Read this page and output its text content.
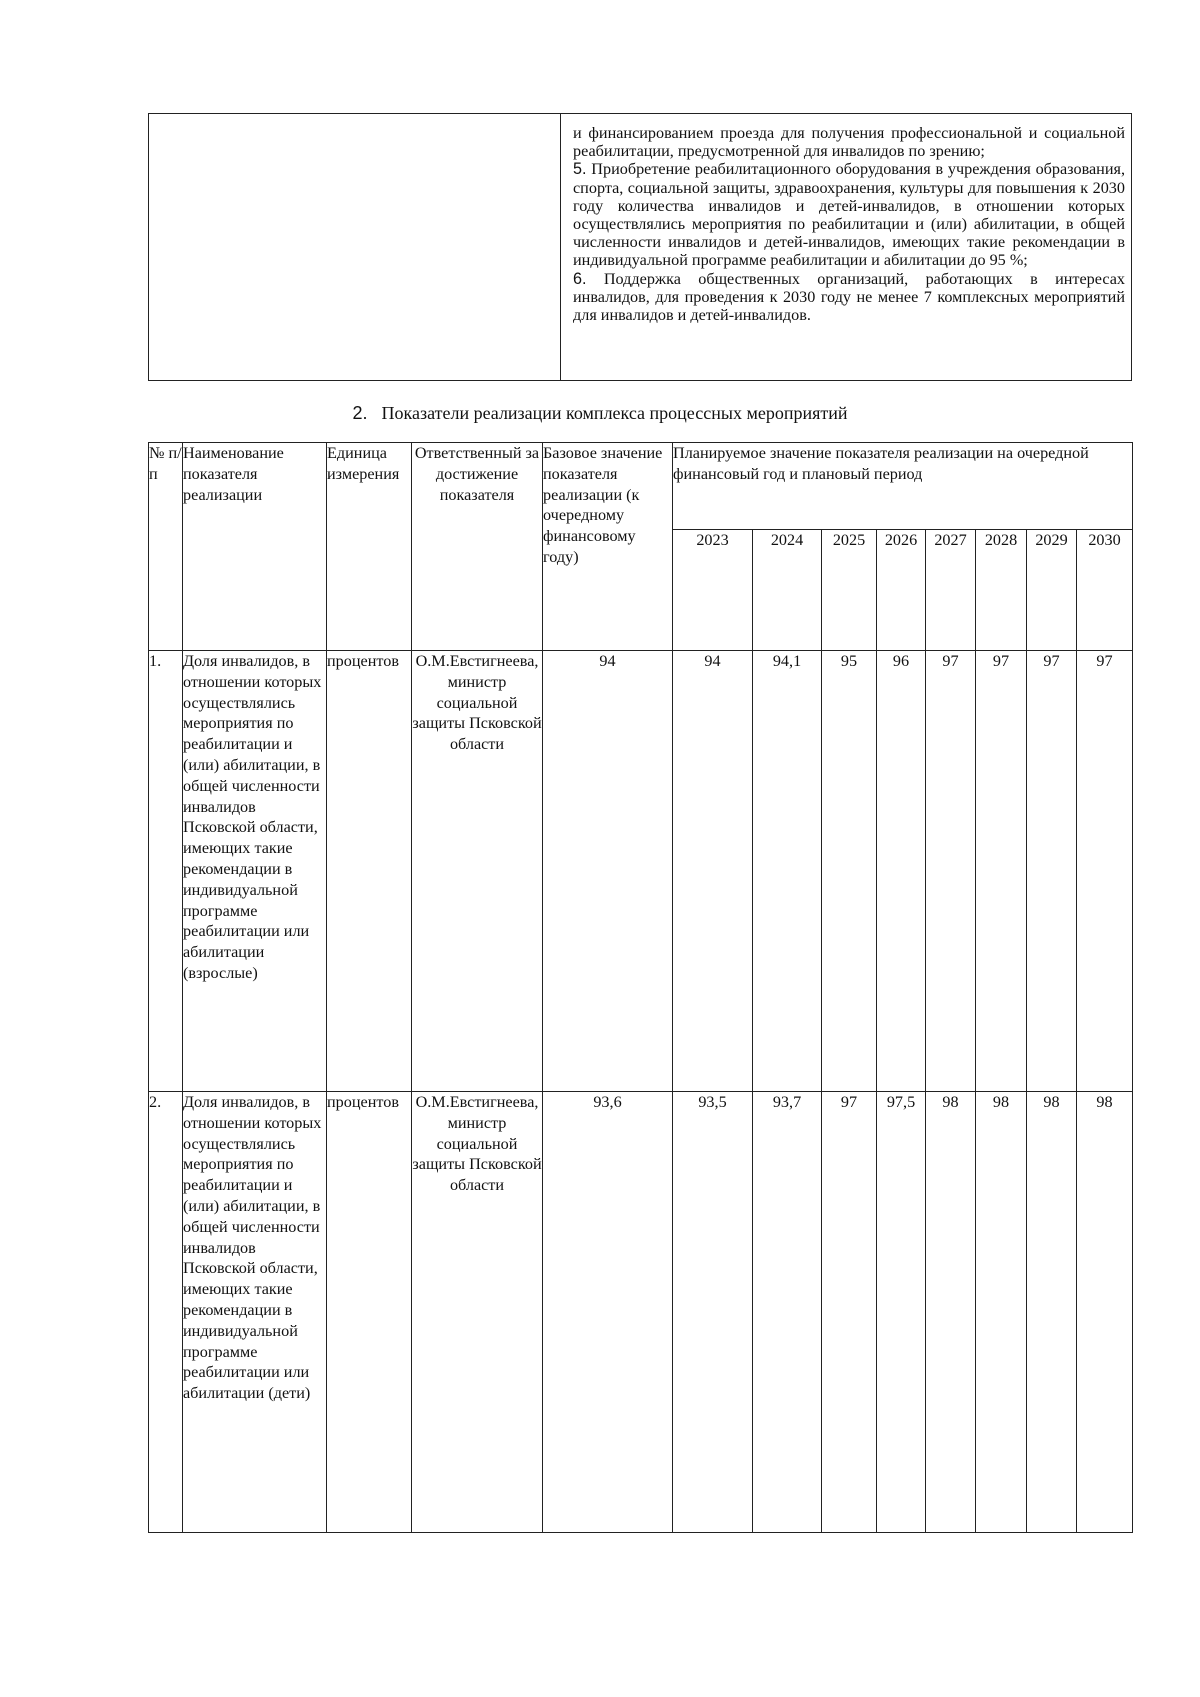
и финансированием проезда для получения профессиональной и социальной реабилитации, предусмотренной для инвалидов по зрению;

5. Приобретение реабилитационного оборудования в учреждения образования, спорта, социальной защиты, здравоохранения, культуры для повышения к 2030 году количества инвалидов и детей-инвалидов, в отношении которых осуществлялись мероприятия по реабилитации и (или) абилитации, в общей численности инвалидов и детей-инвалидов, имеющих такие рекомендации в индивидуальной программе реабилитации и абилитации до 95 %;

6. Поддержка общественных организаций, работающих в интересах инвалидов, для проведения к 2030 году не менее 7 комплексных мероприятий для инвалидов и детей-инвалидов.

2. Показатели реализации комплекса процессных мероприятий
№ п/п	Наименование показателя реализации	Единица измерения	Ответственный за достижение показателя	Базовое значение показателя реализации (к очередному финансовому году)	Планируемое значение показателя реализации на очередной финансовый год и плановый период							
					2023	2024	2025	2026	2027	2028	2029	2030
1.	Доля инвалидов, в отношении которых осуществлялись мероприятия по реабилитации и (или) абилитации, в общей численности инвалидов Псковской области, имеющих такие рекомендации в индивидуальной программе реабилитации или абилитации (взрослые)	процентов	О.М.Евстигнеева, министр социальной защиты Псковской области	94	94	94,1	95	96	97	97	97	97
2.	Доля инвалидов, в отношении которых осуществлялись мероприятия по реабилитации и (или) абилитации, в общей численности инвалидов Псковской области, имеющих такие рекомендации в индивидуальной программе реабилитации или абилитации (дети)	процентов	О.М.Евстигнеева, министр социальной защиты Псковской области	93,6	93,5	93,7	97	97,5	98	98	98	98
